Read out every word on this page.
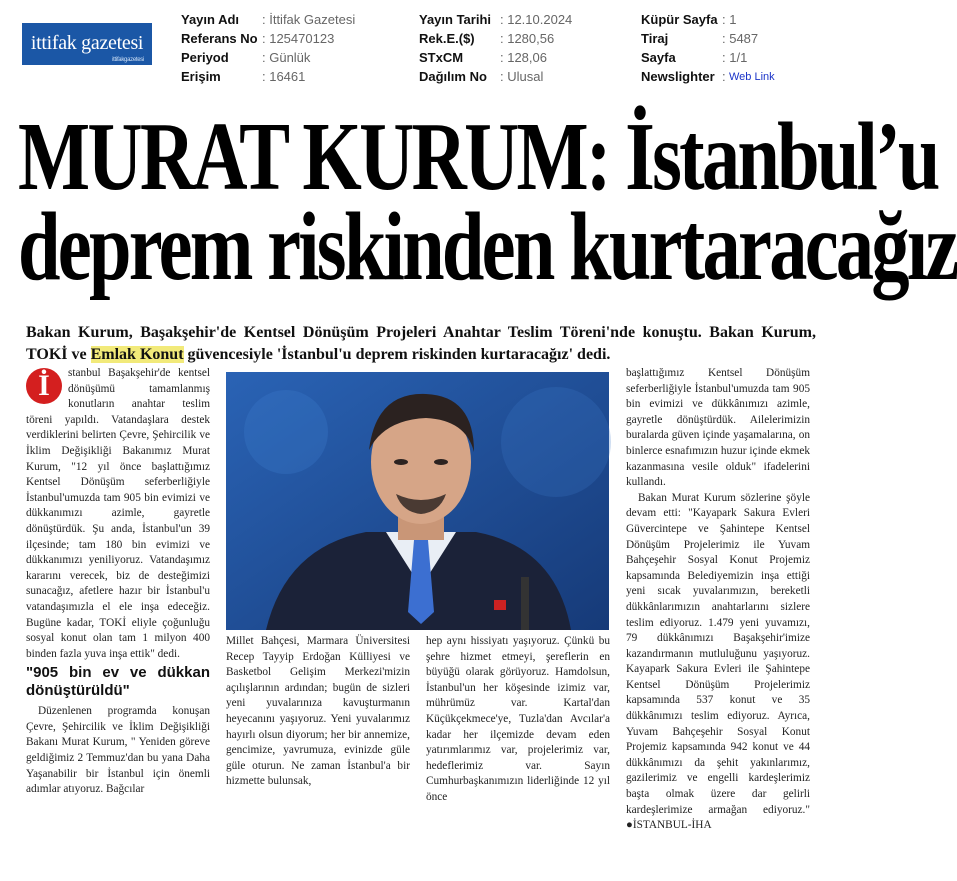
ittifak gazetesi
ittifakgazetesi
Yayın Adı : İttifak Gazetesi
Referans No : 125470123
Periyod	: Günlük
Erişim	: 16461
Yayın Tarihi : 12.10.2024
Rek.E.($) : 1280,56
STxCM	: 128,06
Dağılım No : Ulusal
Küpür Sayfa : 1
Tiraj	: 5487
Sayfa	: 1/1
Newslighter : Web Link
MURAT KURUM: İstanbul’u
deprem riskinden kurtaracağız
Bakan Kurum, Başakşehir'de Kentsel Dönüşüm Projeleri Anahtar Teslim Töreni'nde konuştu. Bakan Kurum, TOKİ ve Emlak Konut güvencesiyle 'İstanbul'u deprem riskinden kurtaracağız' dedi.
İ	stanbul Başakşehir'de kentsel dönüşümü tamamlanmış konutların anahtar teslim töreni yapıldı. Vatandaşlara destek verdiklerini belirten Çevre, Şehircilik ve İklim Değişikliği Bakanımız Murat Kurum, "12 yıl önce başlattığımız Kentsel Dönüşüm seferberliğiyle İstanbul'umuzda tam 905 bin evimizi ve dükkanımızı azimle, gayretle dönüştürdük. Şu anda, İstanbul'un 39 ilçesinde; tam 180 bin evimizi ve dükkanımızı yeniliyoruz. Vatandaşımız kararını verecek, biz de desteğimizi sunacağız, afetlere hazır bir İstanbul'u vatandaşımızla el ele inşa edeceğiz. Bugüne kadar, TOKİ eliyle çoğunluğu sosyal konut olan tam 1 milyon 400 binden fazla yuva inşa ettik" dedi.

"905 bin ev ve dükkan dönüştürüldü"

Düzenlenen programda konuşan Çevre, Şehircilik ve İklim Değişikliği Bakanı Murat Kurum, " Yeniden göreve geldiğimiz 2 Temmuz'dan bu yana Daha Yaşanabilir bir İstanbul için önemli adımlar atıyoruz. Bağcılar

Millet Bahçesi, Marmara Üniversitesi Recep Tayyip Erdoğan Külliyesi ve Basketbol Gelişim Merkezi'mizin açılışlarının ardından; bugün de sizleri yeni yuvalarınıza kavuşturmanın heyecanını yaşıyoruz. Yeni yuvalarımız hayırlı olsun diyorum; her bir annemize, gencimize, yavrumuza, evinizde güle güle oturun. Ne zaman İstanbul'a bir hizmette bulunsak,

hep aynı hissiyatı yaşıyoruz. Çünkü bu şehre hizmet etmeyi, şereflerin en büyüğü olarak görüyoruz. Hamdolsun, İstanbul'un her köşesinde izimiz var, mührümüz var. Kartal'dan Küçükçekmece'ye, Tuzla'dan Avcılar'a kadar her ilçemizde devam eden yatırımlarımız var, projelerimiz var, hedeflerimiz var. Sayın Cumhurbaşkanımızın liderliğinde 12 yıl önce

başlattığımız Kentsel Dönüşüm seferberliğiyle İstanbul'umuzda tam 905 bin evimizi ve dükkânımızı azimle, gayretle dönüştürdük. Ailelerimizin buralarda güven içinde yaşamalarına, on binlerce esnafımızın huzur içinde ekmek kazanmasına vesile olduk" ifadelerini kullandı.

Bakan Murat Kurum sözlerine şöyle devam etti: "Kayapark Sakura Evleri Güvercintepe ve Şahintepe Kentsel Dönüşüm Projelerimiz ile Yuvam Bahçeşehir Sosyal Konut Projemiz kapsamında Belediyemizin inşa ettiği yeni sıcak yuvalarımızın, bereketli dükkânlarımızın anahtarlarını sizlere teslim ediyoruz. 1.479 yeni yuvamızı, 79 dükkânımızı Başakşehir'imize kazandırmanın mutluluğunu yaşıyoruz. Kayapark Sakura Evleri ile Şahintepe Kentsel Dönüşüm Projelerimiz kapsamında 537 konut ve 35 dükkânımızı teslim ediyoruz. Ayrıca, Yuvam Bahçeşehir Sosyal Konut Projemiz kapsamında 942 konut ve 44 dükkânımızı da şehit yakınlarımız, gazilerimiz ve engelli kardeşlerimiz başta olmak üzere dar gelirli kardeşlerimize armağan ediyoruz." ●İSTANBUL-İHA
